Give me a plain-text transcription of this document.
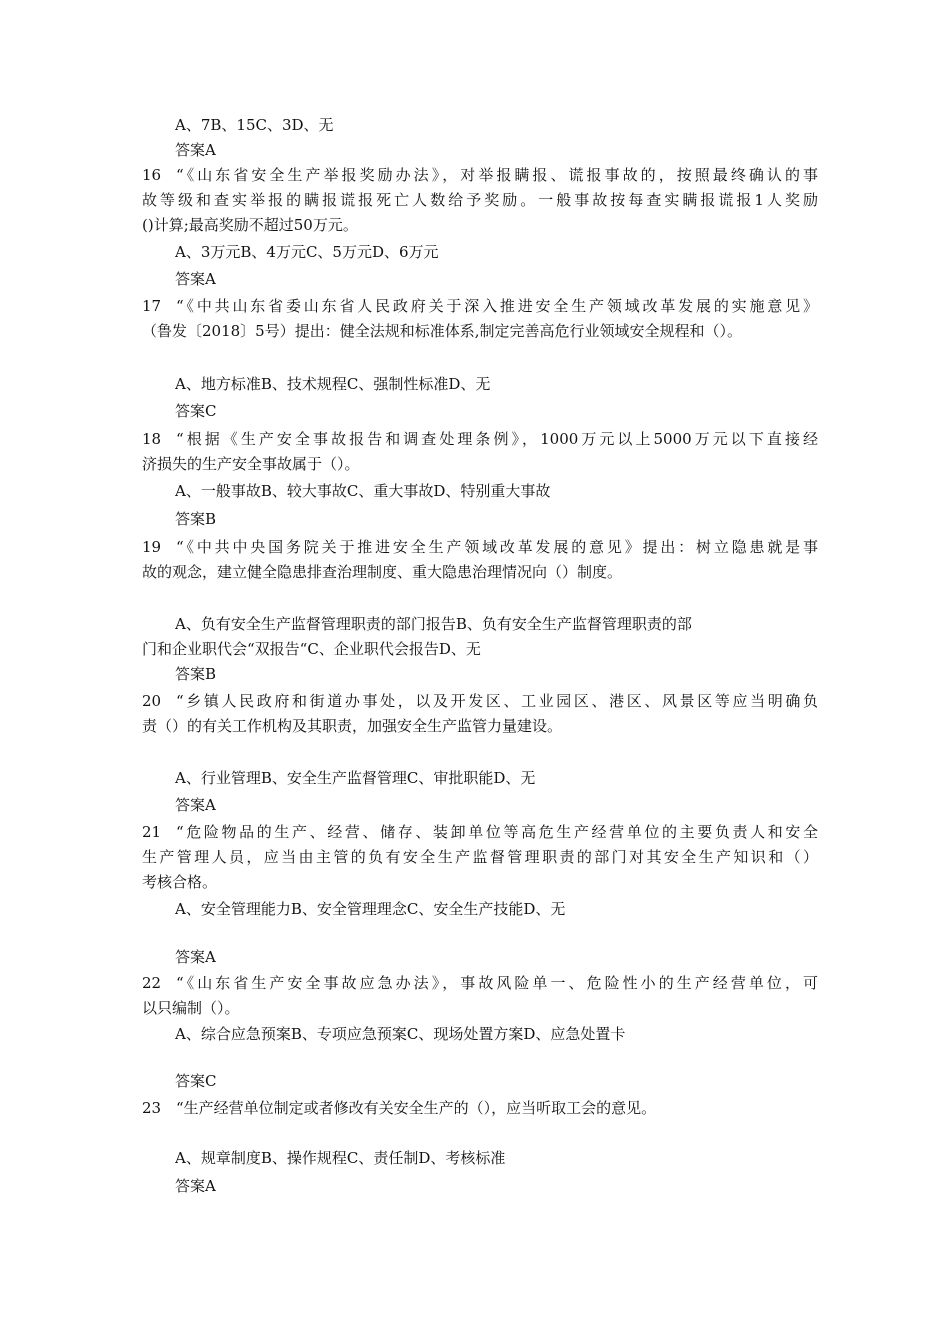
A、7B、15C、3D、无
答案A
16 “《山东省安全生产举报奖励办法》，对举报瞒报、谎报事故的，按照最终确认的事
故等级和查实举报的瞒报谎报死亡人数给予奖励。一般事故按每查实瞒报谎报1人奖励
()计算;最高奖励不超过50万元。
A、3万元B、4万元C、5万元D、6万元
答案A
17 “《中共山东省委山东省人民政府关于深入推进安全生产领域改革发展的实施意见》
（鲁发〔2018〕5号）提出：健全法规和标准体系,制定完善高危行业领域安全规程和（）。
A、地方标准B、技术规程C、强制性标准D、无
答案C
18 “根据《生产安全事故报告和调查处理条例》，1000万元以上5000万元以下直接经
济损失的生产安全事故属于（）。
A、一般事故B、较大事故C、重大事故D、特别重大事故
答案B
19 “《中共中央国务院关于推进安全生产领域改革发展的意见》提出：树立隐患就是事
故的观念，建立健全隐患排查治理制度、重大隐患治理情况向（）制度。
A、负有安全生产监督管理职责的部门报告B、负有安全生产监督管理职责的部
门和企业职代会“双报告“C、企业职代会报告D、无
答案B
20 “乡镇人民政府和街道办事处，以及开发区、工业园区、港区、风景区等应当明确负
责（）的有关工作机构及其职责，加强安全生产监管力量建设。
A、行业管理B、安全生产监督管理C、审批职能D、无
答案A
21 “危险物品的生产、经营、储存、装卸单位等高危生产经营单位的主要负责人和安全
生产管理人员，应当由主管的负有安全生产监督管理职责的部门对其安全生产知识和（）
考核合格。
A、安全管理能力B、安全管理理念C、安全生产技能D、无
答案A
22 “《山东省生产安全事故应急办法》，事故风险单一、危险性小的生产经营单位，可
以只编制（）。
A、综合应急预案B、专项应急预案C、现场处置方案D、应急处置卡
答案C
23 “生产经营单位制定或者修改有关安全生产的（），应当听取工会的意见。
A、规章制度B、操作规程C、责任制D、考核标准
答案A
